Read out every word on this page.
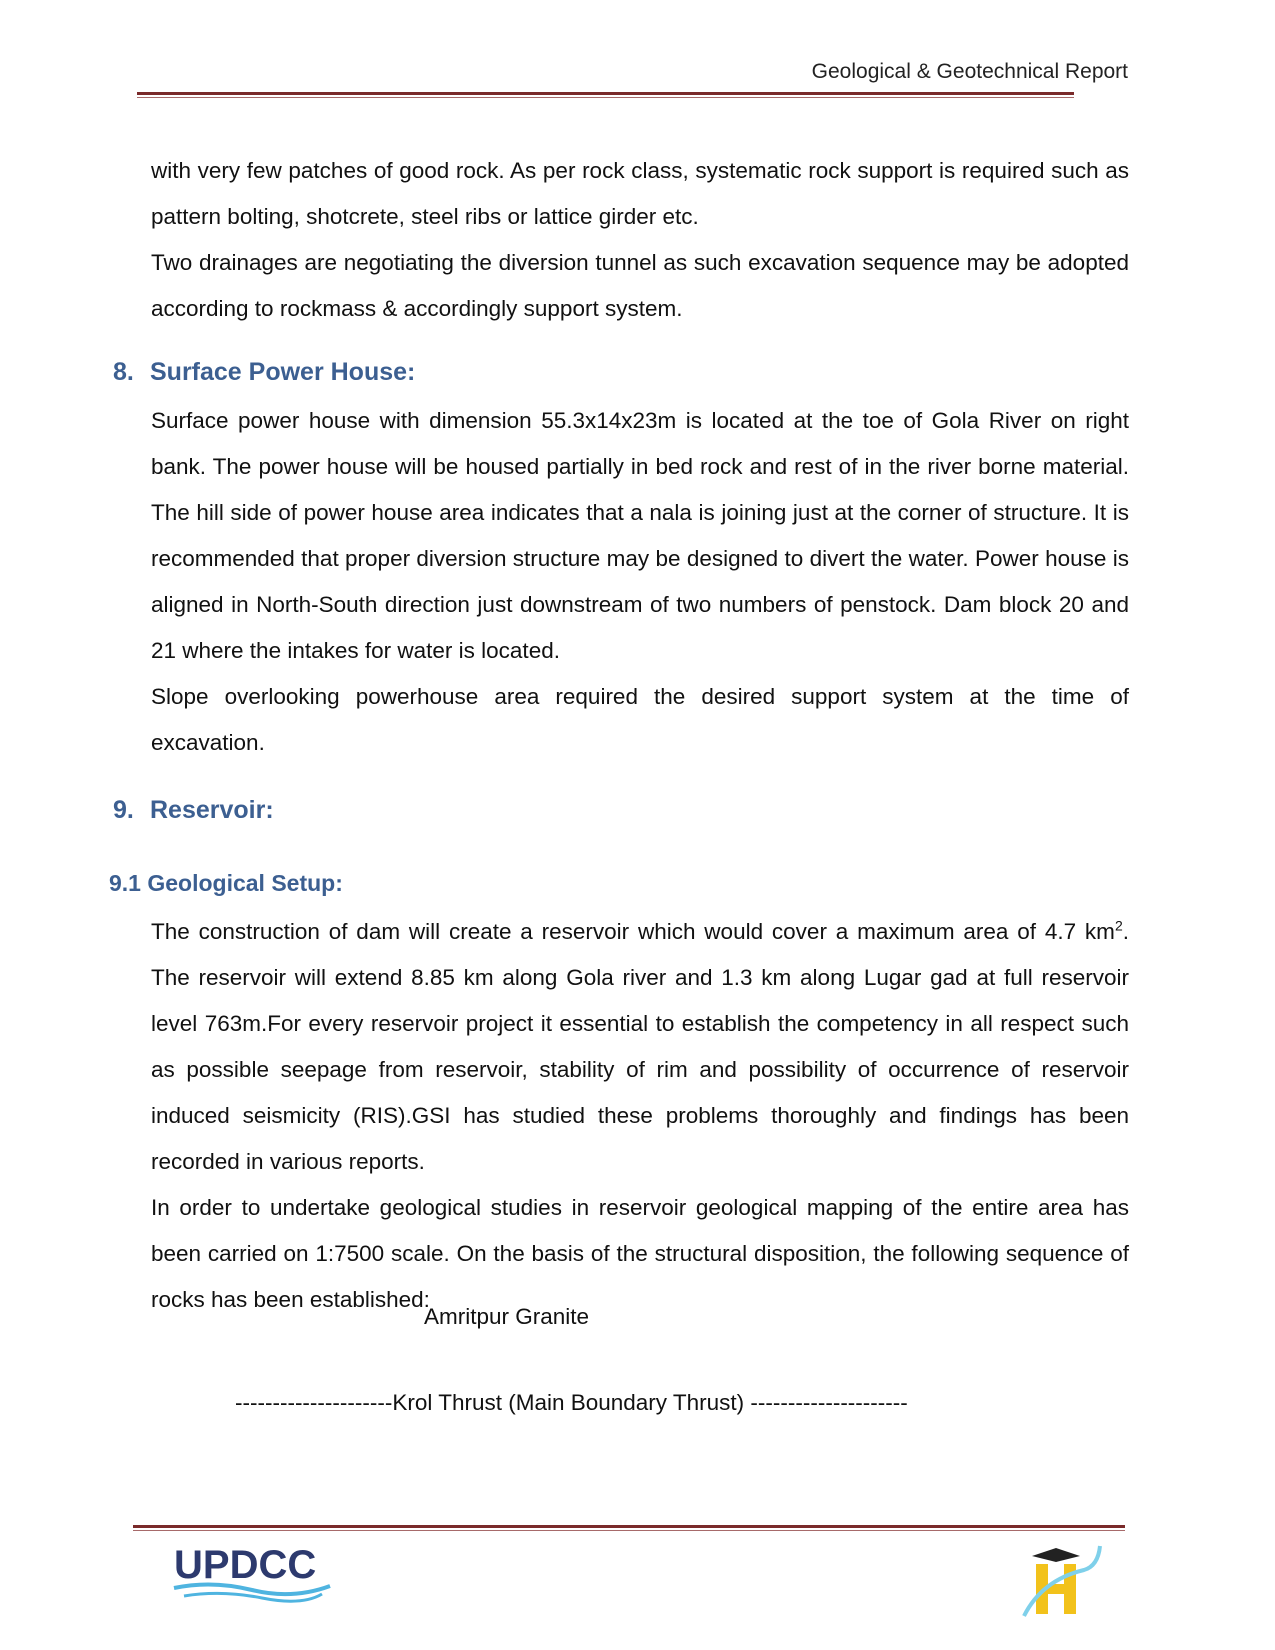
Geological & Geotechnical Report

with very few patches of good rock. As per rock class, systematic rock support is required such as pattern bolting, shotcrete, steel ribs or lattice girder etc.

Two drainages are negotiating the diversion tunnel as such excavation sequence may be adopted according to rockmass & accordingly support system.

8. Surface Power House:

Surface power house with dimension 55.3x14x23m is located at the toe of Gola River on right bank. The power house will be housed partially in bed rock and rest of in the river borne material. The hill side of power house area indicates that a nala is joining just at the corner of structure. It is recommended that proper diversion structure may be designed to divert the water. Power house is aligned in North-South direction just downstream of two numbers of penstock. Dam block 20 and 21 where the intakes for water is located.

Slope overlooking powerhouse area required the desired support system at the time of excavation.

9. Reservoir:
9.1 Geological Setup:

The construction of dam will create a reservoir which would cover a maximum area of 4.7 $km^2$. The reservoir will extend 8.85 km along Gola river and 1.3 km along Lugar gad at full reservoir level 763m.For every reservoir project it essential to establish the competency in all respect such as possible seepage from reservoir, stability of rim and possibility of occurrence of reservoir induced seismicity (RIS).GSI has studied these problems thoroughly and findings has been recorded in various reports.

In order to undertake geological studies in reservoir geological mapping of the entire area has been carried on 1:7500 scale. On the basis of the structural disposition, the following sequence of rocks has been established:

Amritpur Granite
---------------------Krol Thrust (Main Boundary Thrust) ---------------------
UPDCC
